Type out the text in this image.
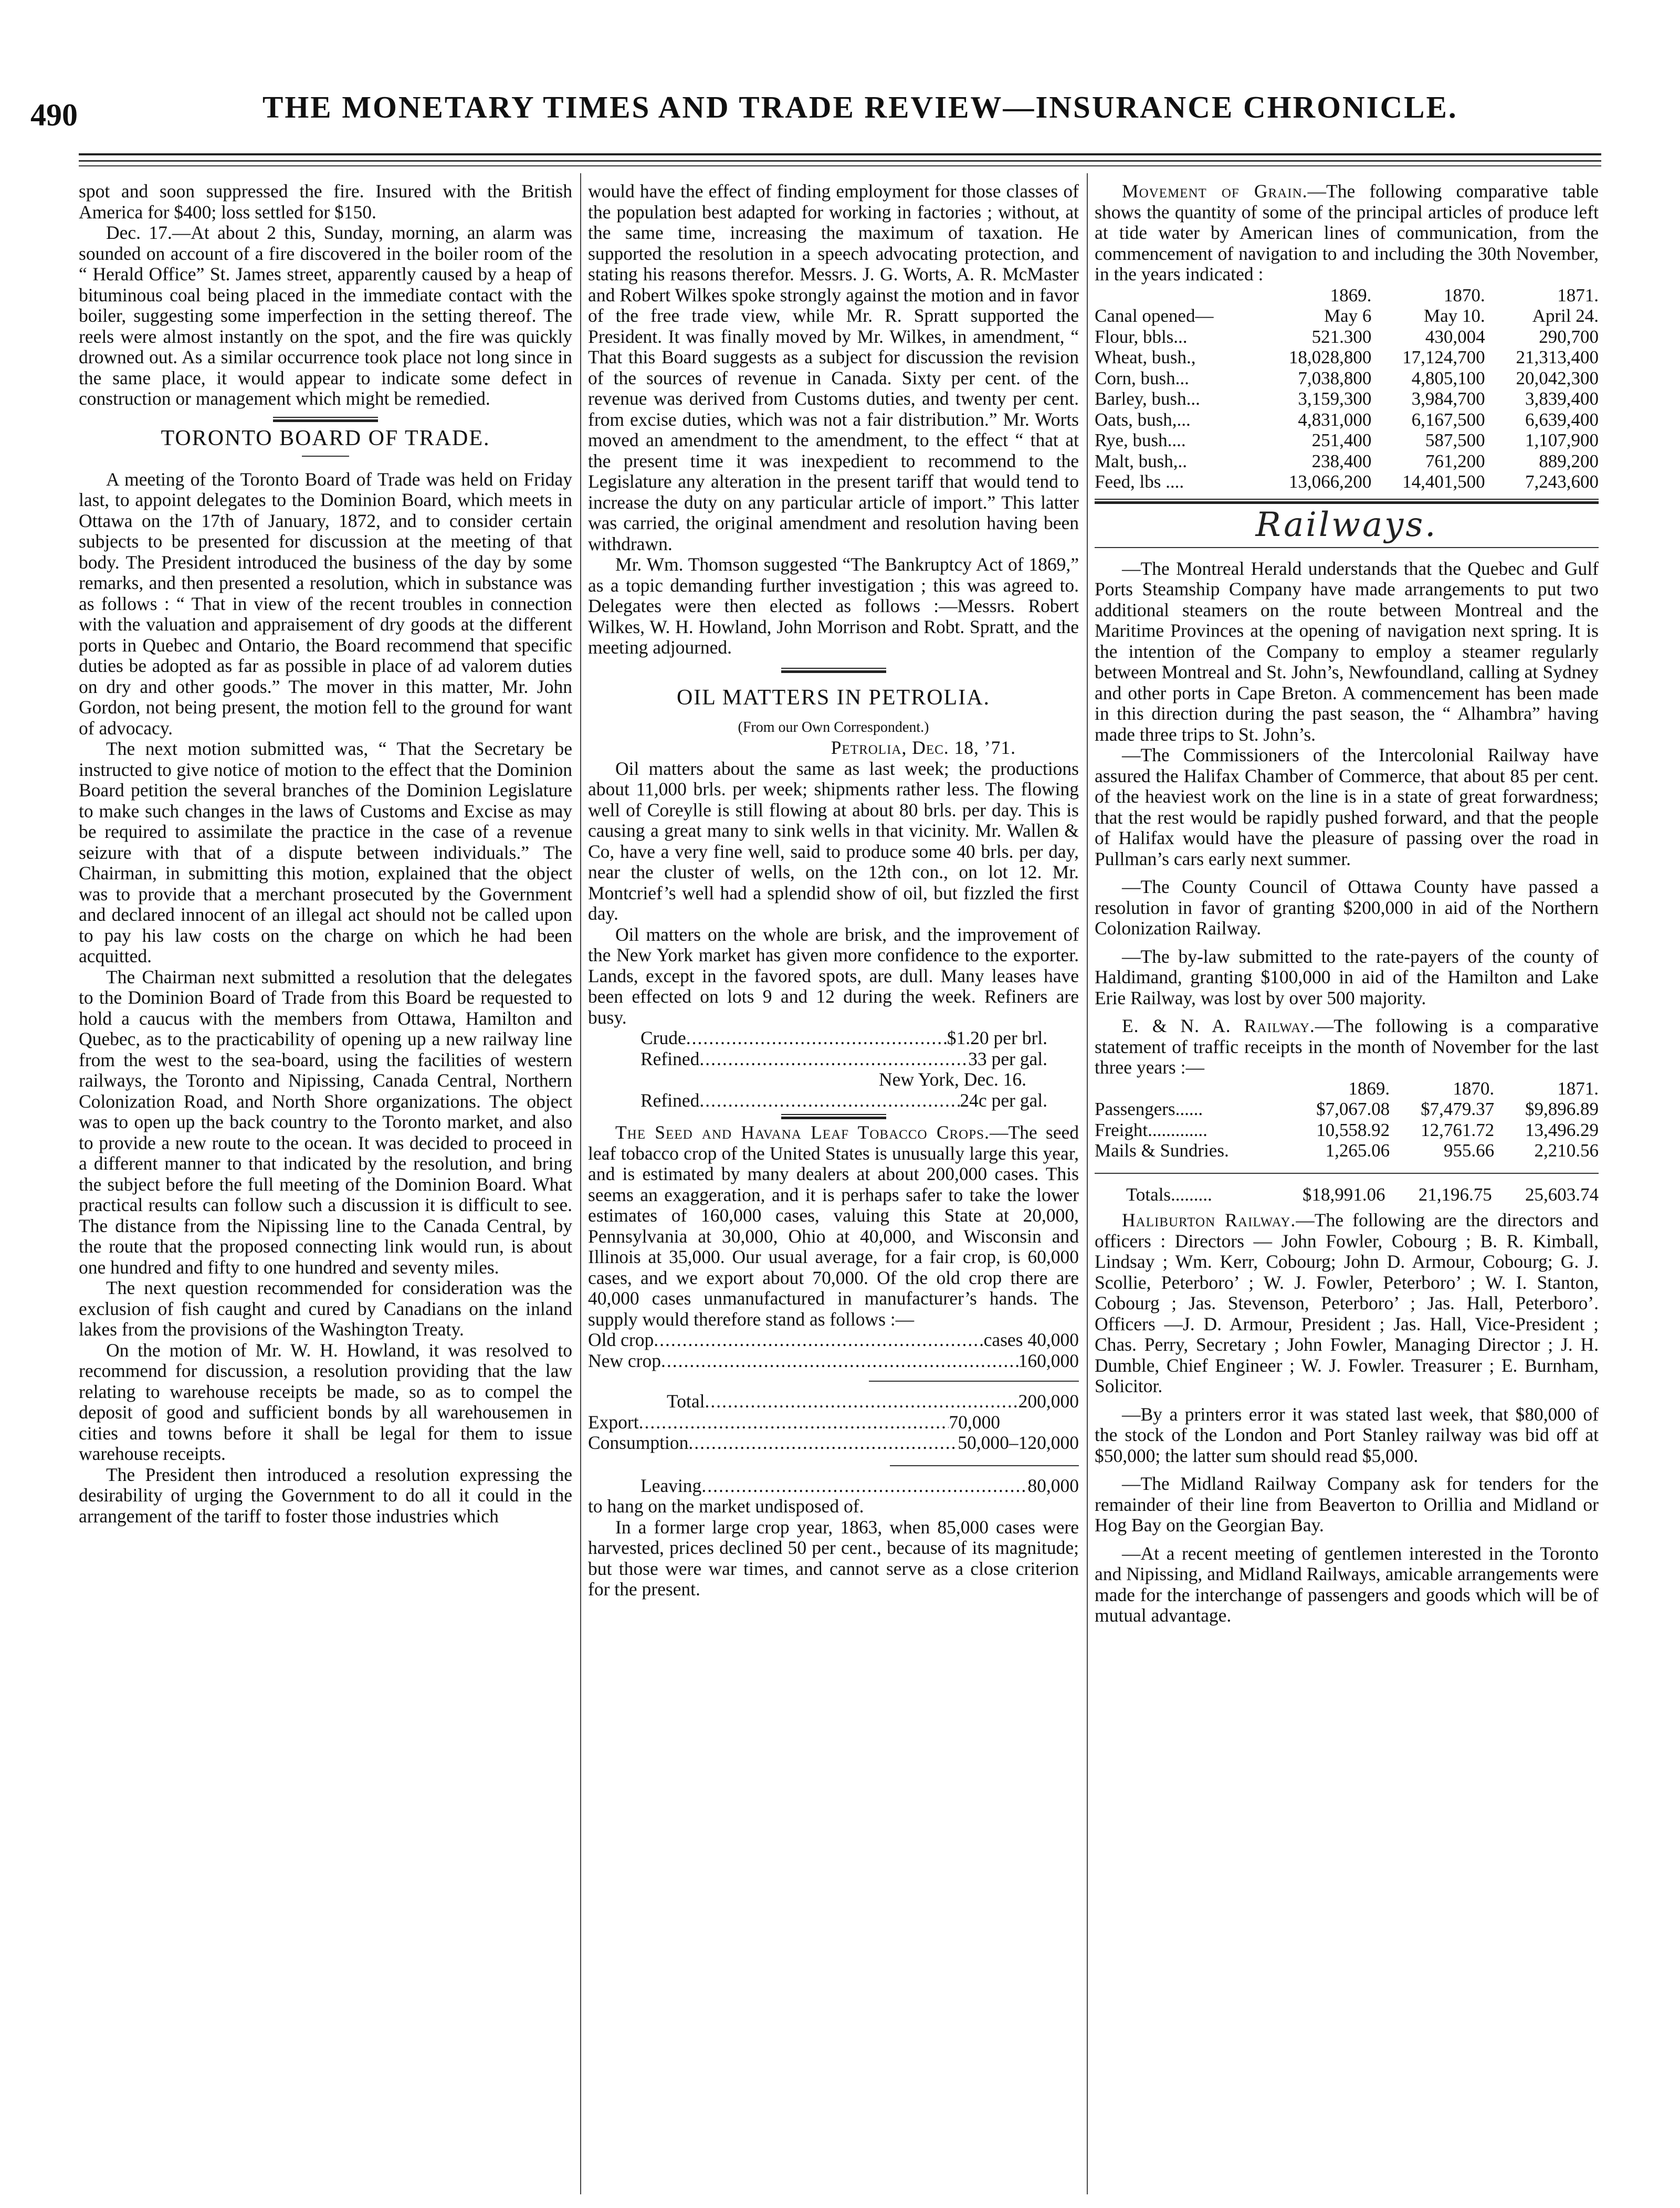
490	THE MONETARY TIMES AND TRADE REVIEW—INSURANCE CHRONICLE.

spot and soon suppressed the fire. Insured with the British America for $400; loss settled for $150.

Dec. 17.—At about 2 this, Sunday, morning, an alarm was sounded on account of a fire discovered in the boiler room of the “ Herald Office” St. James street, apparently caused by a heap of bituminous coal being placed in the immediate contact with the boiler, suggesting some imperfection in the setting thereof. The reels were almost instantly on the spot, and the fire was quickly drowned out. As a similar occurrence took place not long since in the same place, it would appear to indicate some defect in construction or management which might be remedied.

TORONTO BOARD OF TRADE.

A meeting of the Toronto Board of Trade was held on Friday last, to appoint delegates to the Dominion Board, which meets in Ottawa on the 17th of January, 1872, and to consider certain subjects to be presented for discussion at the meeting of that body. The President introduced the business of the day by some remarks, and then presented a resolution, which in substance was as follows : “ That in view of the recent troubles in connection with the valuation and appraisement of dry goods at the different ports in Quebec and Ontario, the Board recommend that specific duties be adopted as far as possible in place of ad valorem duties on dry and other goods.” The mover in this matter, Mr. John Gordon, not being present, the motion fell to the ground for want of advocacy.

The next motion submitted was, “ That the Secretary be instructed to give notice of motion to the effect that the Dominion Board petition the several branches of the Dominion Legislature to make such changes in the laws of Customs and Excise as may be required to assimilate the practice in the case of a revenue seizure with that of a dispute between individuals.” The Chairman, in submitting this motion, explained that the object was to provide that a merchant prosecuted by the Government and declared innocent of an illegal act should not be called upon to pay his law costs on the charge on which he had been acquitted.

The Chairman next submitted a resolution that the delegates to the Dominion Board of Trade from this Board be requested to hold a caucus with the members from Ottawa, Hamilton and Quebec, as to the practicability of opening up a new railway line from the west to the sea-board, using the facilities of western railways, the Toronto and Nipissing, Canada Central, Northern Colonization Road, and North Shore organizations. The object was to open up the back country to the Toronto market, and also to provide a new route to the ocean. It was decided to proceed in a different manner to that indicated by the resolution, and bring the subject before the full meeting of the Dominion Board. What practical results can follow such a discussion it is difficult to see. The distance from the Nipissing line to the Canada Central, by the route that the proposed connecting link would run, is about one hundred and fifty to one hundred and seventy miles.

The next question recommended for consideration was the exclusion of fish caught and cured by Canadians on the inland lakes from the provisions of the Washington Treaty.

On the motion of Mr. W. H. Howland, it was resolved to recommend for discussion, a resolution providing that the law relating to warehouse receipts be made, so as to compel the deposit of good and sufficient bonds by all warehousemen in cities and towns before it shall be legal for them to issue warehouse receipts.

The President then introduced a resolution expressing the desirability of urging the Government to do all it could in the arrangement of the tariff to foster those industries which

would have the effect of finding employment for those classes of the population best adapted for working in factories ; without, at the same time, increasing the maximum of taxation. He supported the resolution in a speech advocating protection, and stating his reasons therefor. Messrs. J. G. Worts, A. R. McMaster and Robert Wilkes spoke strongly against the motion and in favor of the free trade view, while Mr. R. Spratt supported the President. It was finally moved by Mr. Wilkes, in amendment, “ That this Board suggests as a subject for discussion the revision of the sources of revenue in Canada. Sixty per cent. of the revenue was derived from Customs duties, and twenty per cent. from excise duties, which was not a fair distribution.” Mr. Worts moved an amendment to the amendment, to the effect “ that at the present time it was inexpedient to recommend to the Legislature any alteration in the present tariff that would tend to increase the duty on any particular article of import.” This latter was carried, the original amendment and resolution having been withdrawn.

Mr. Wm. Thomson suggested “The Bankruptcy Act of 1869,” as a topic demanding further investigation ; this was agreed to. Delegates were then elected as follows :—Messrs. Robert Wilkes, W. H. Howland, John Morrison and Robt. Spratt, and the meeting adjourned.

OIL MATTERS IN PETROLIA.

(From our Own Correspondent.)

Petrolia, Dec. 18, ’71.

Oil matters about the same as last week; the productions about 11,000 brls. per week; shipments rather less. The flowing well of Coreylle is still flowing at about 80 brls. per day. This is causing a great many to sink wells in that vicinity. Mr. Wallen & Co, have a very fine well, said to produce some 40 brls. per day, near the cluster of wells, on the 12th con., on lot 12. Mr. Montcrief’s well had a splendid show of oil, but fizzled the first day.

Oil matters on the whole are brisk, and the improvement of the New York market has given more confidence to the exporter. Lands, except in the favored spots, are dull. Many leases have been effected on lots 9 and 12 during the week. Refiners are busy.

Crude .....	$1.20 per brl.
Refined .....	33 per gal.

New York, Dec. 16.

Refined .....	24c per gal.

The Seed and Havana Leaf Tobacco Crops.—The seed leaf tobacco crop of the United States is unusually large this year, and is estimated by many dealers at about 200,000 cases. This seems an exaggeration, and it is perhaps safer to take the lower estimates of 160,000 cases, valuing this State at 20,000, Pennsylvania at 30,000, Ohio at 40,000, and Wisconsin and Illinois at 35,000. Our usual average, for a fair crop, is 60,000 cases, and we export about 70,000. Of the old crop there are 40,000 cases unmanufactured in manufacturer’s hands. The supply would therefore stand as follows :—

Old crop .....	cases 40,000
New crop .....	160,000
Total .....	200,000
Export .....	70,000
Consumption .....	50,000–120,000
Leaving .....	80,000

to hang on the market undisposed of.

In a former large crop year, 1863, when 85,000 cases were harvested, prices declined 50 per cent., because of its magnitude; but those were war times, and cannot serve as a close criterion for the present.

Movement of Grain.—The following comparative table shows the quantity of some of the principal articles of produce left at tide water by American lines of communication, from the commencement of navigation to and including the 30th November, in the years indicated :

	1869.	1870.	1871.
Canal opened—	May 6	May 10.	April 24.
Flour, bbls...	521.300	430,004	290,700
Wheat, bush.,	18,028,800	17,124,700	21,313,400
Corn, bush...	7,038,800	4,805,100	20,042,300
Barley, bush...	3,159,300	3,984,700	3,839,400
Oats, bush,...	4,831,000	6,167,500	6,639,400
Rye, bush....	251,400	587,500	1,107,900
Malt, bush,..	238,400	761,200	889,200
Feed, lbs ....	13,066,200	14,401,500	7,243,600

Railways.

—The Montreal Herald understands that the Quebec and Gulf Ports Steamship Company have made arrangements to put two additional steamers on the route between Montreal and the Maritime Provinces at the opening of navigation next spring. It is the intention of the Company to employ a steamer regularly between Montreal and St. John’s, Newfoundland, calling at Sydney and other ports in Cape Breton. A commencement has been made in this direction during the past season, the “ Alhambra” having made three trips to St. John’s.

—The Commissioners of the Intercolonial Railway have assured the Halifax Chamber of Commerce, that about 85 per cent. of the heaviest work on the line is in a state of great forwardness; that the rest would be rapidly pushed forward, and that the people of Halifax would have the pleasure of passing over the road in Pullman’s cars early next summer.

—The County Council of Ottawa County have passed a resolution in favor of granting $200,000 in aid of the Northern Colonization Railway.

—The by-law submitted to the rate-payers of the county of Haldimand, granting $100,000 in aid of the Hamilton and Lake Erie Railway, was lost by over 500 majority.

E. & N. A. Railway.—The following is a comparative statement of traffic receipts in the month of November for the last three years :—

	1869.	1870.	1871.
Passengers......	$7,067.08	$7,479.37	$9,896.89
Freight.............	10,558.92	12,761.72	13,496.29
Mails & Sundries.	1,265.06	955.66	2,210.56
Totals.........	$18,991.06	21,196.75	25,603.74

Haliburton Railway.—The following are the directors and officers : Directors — John Fowler, Cobourg ; B. R. Kimball, Lindsay ; Wm. Kerr, Cobourg; John D. Armour, Cobourg; G. J. Scollie, Peterboro’ ; W. J. Fowler, Peterboro’ ; W. I. Stanton, Cobourg ; Jas. Stevenson, Peterboro’ ; Jas. Hall, Peterboro’. Officers —J. D. Armour, President ; Jas. Hall, Vice-President ; Chas. Perry, Secretary ; John Fowler, Managing Director ; J. H. Dumble, Chief Engineer ; W. J. Fowler. Treasurer ; E. Burnham, Solicitor.

—By a printers error it was stated last week, that $80,000 of the stock of the London and Port Stanley railway was bid off at $50,000; the latter sum should read $5,000.

—The Midland Railway Company ask for tenders for the remainder of their line from Beaverton to Orillia and Midland or Hog Bay on the Georgian Bay.

—At a recent meeting of gentlemen interested in the Toronto and Nipissing, and Midland Railways, amicable arrangements were made for the interchange of passengers and goods which will be of mutual advantage.
